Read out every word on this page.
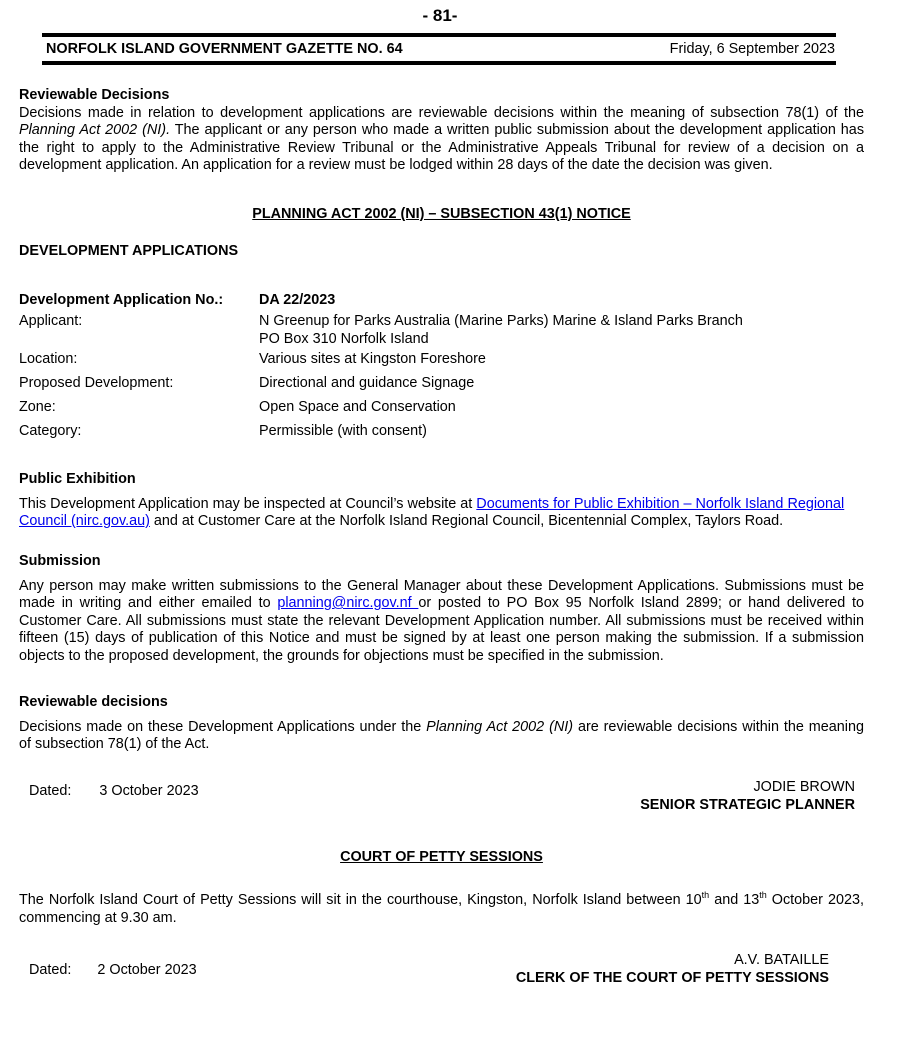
- 81-
NORFOLK ISLAND GOVERNMENT GAZETTE NO. 64	Friday, 6 September 2023
Reviewable Decisions
Decisions made in relation to development applications are reviewable decisions within the meaning of subsection 78(1) of the Planning Act 2002 (NI). The applicant or any person who made a written public submission about the development application has the right to apply to the Administrative Review Tribunal or the Administrative Appeals Tribunal for review of a decision on a development application. An application for a review must be lodged within 28 days of the date the decision was given.
PLANNING ACT 2002 (NI) – SUBSECTION 43(1) NOTICE
DEVELOPMENT APPLICATIONS
Development Application No.: DA 22/2023
Applicant:	N Greenup for Parks Australia (Marine Parks) Marine & Island Parks Branch
PO Box 310 Norfolk Island
Location:	Various sites at Kingston Foreshore
Proposed Development:	Directional and guidance Signage
Zone:	Open Space and Conservation
Category:	Permissible (with consent)
Public Exhibition
This Development Application may be inspected at Council’s website at Documents for Public Exhibition – Norfolk Island Regional Council (nirc.gov.au) and at Customer Care at the Norfolk Island Regional Council, Bicentennial Complex, Taylors Road.
Submission
Any person may make written submissions to the General Manager about these Development Applications. Submissions must be made in writing and either emailed to planning@nirc.gov.nf or posted to PO Box 95 Norfolk Island 2899; or hand delivered to Customer Care. All submissions must state the relevant Development Application number. All submissions must be received within fifteen (15) days of publication of this Notice and must be signed by at least one person making the submission. If a submission objects to the proposed development, the grounds for objections must be specified in the submission.
Reviewable decisions
Decisions made on these Development Applications under the Planning Act 2002 (NI) are reviewable decisions within the meaning of subsection 78(1) of the Act.
Dated: 3 October 2023	JODIE BROWN
SENIOR STRATEGIC PLANNER
COURT OF PETTY SESSIONS
The Norfolk Island Court of Petty Sessions will sit in the courthouse, Kingston, Norfolk Island between 10th and 13th October 2023, commencing at 9.30 am.
Dated: 2 October 2023
A.V. BATAILLE
CLERK OF THE COURT OF PETTY SESSIONS
